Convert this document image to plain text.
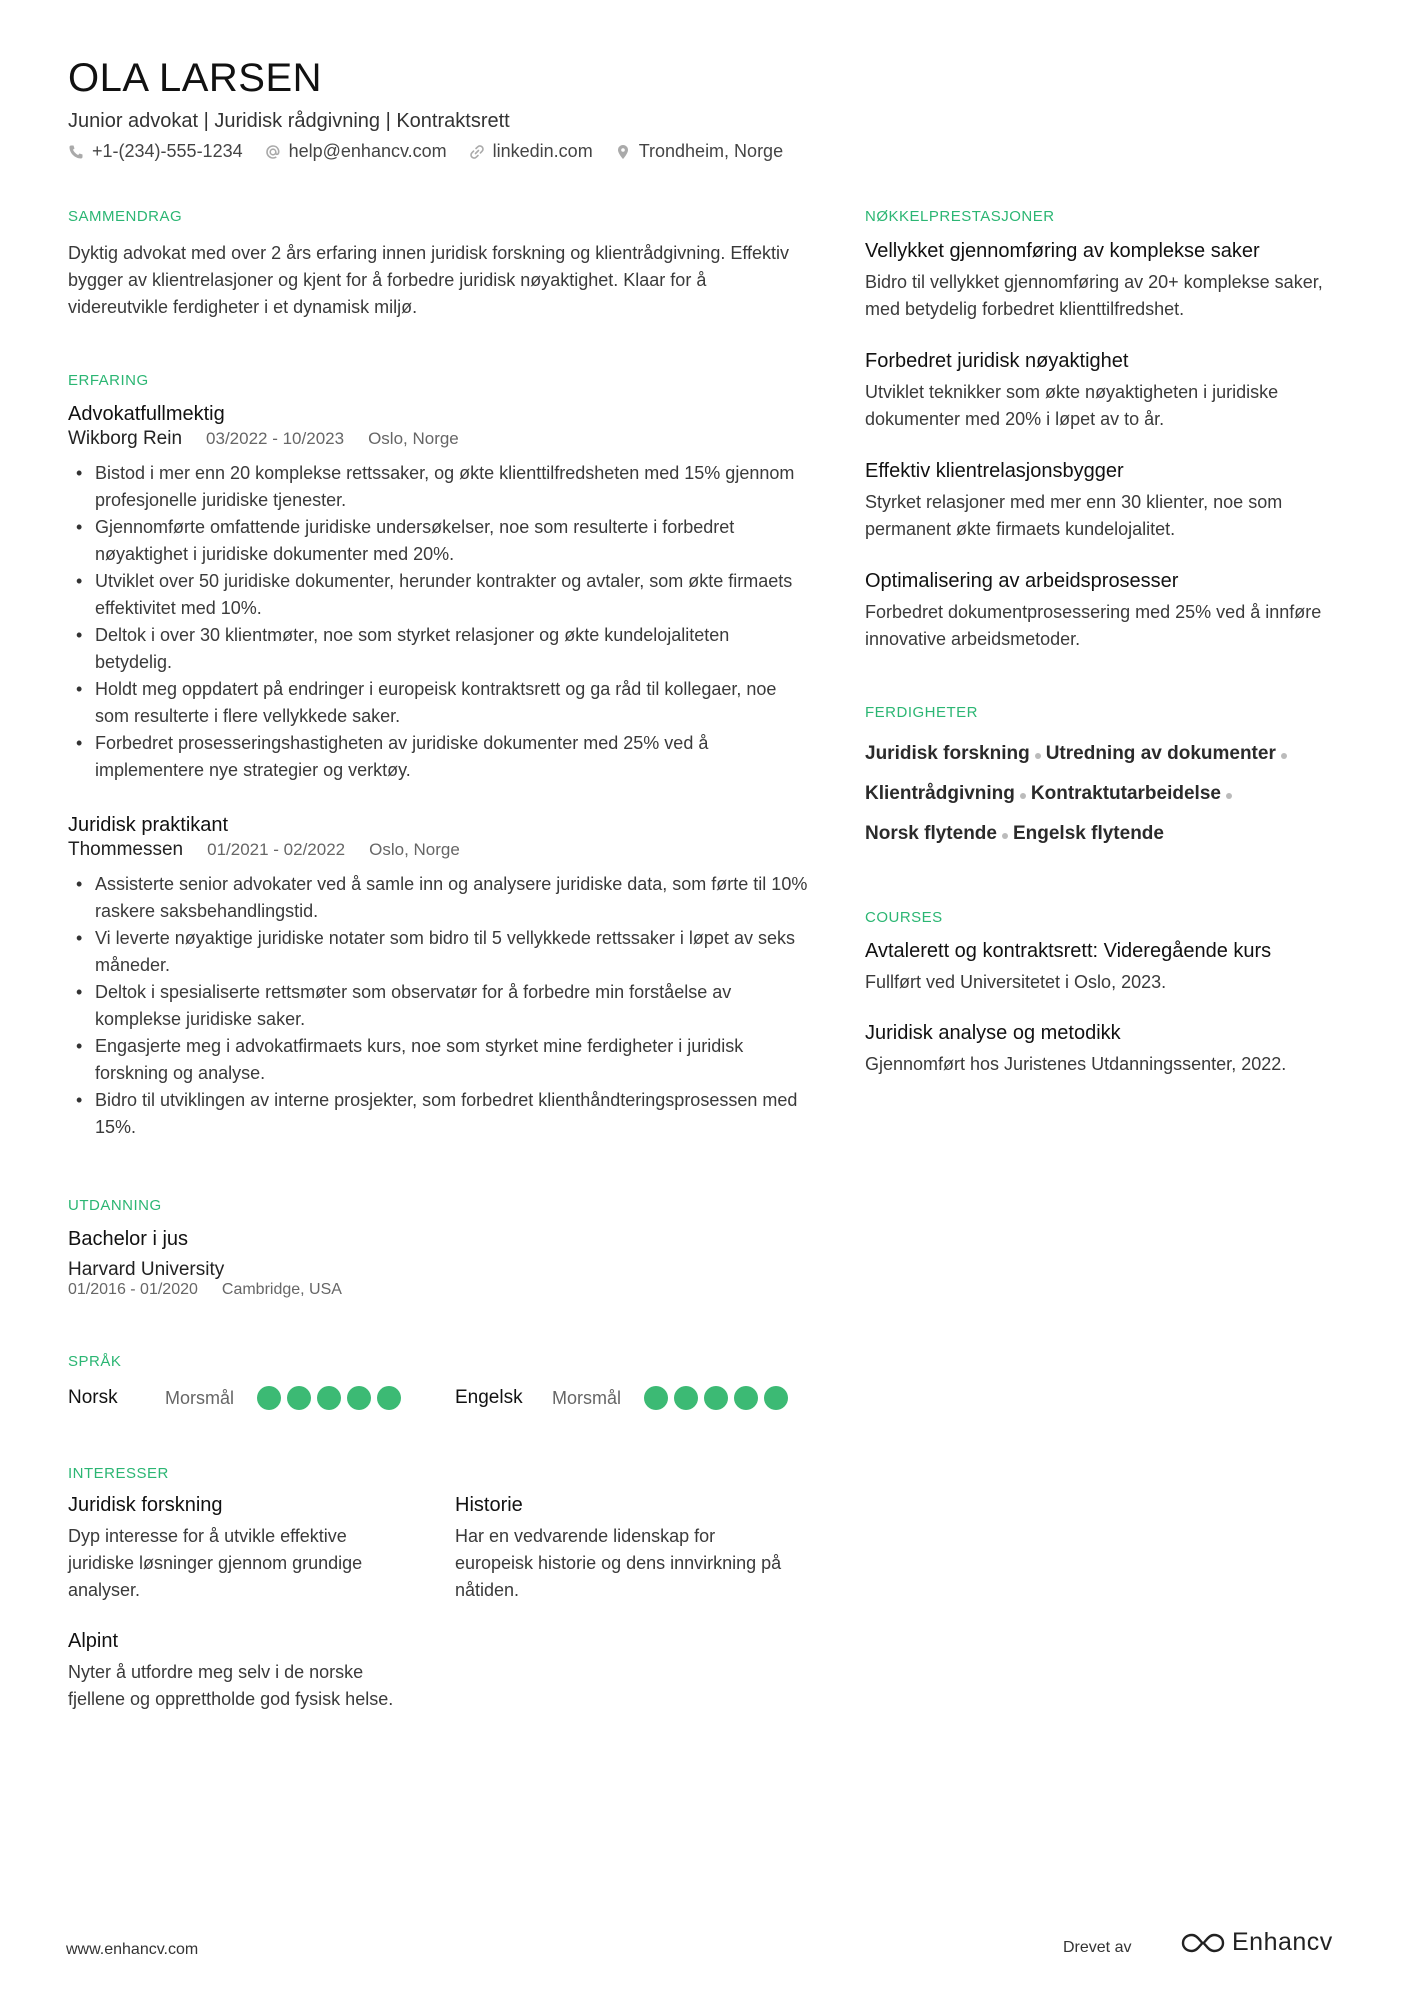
OLA LARSEN
Junior advokat | Juridisk rådgivning | Kontraktsrett
+1-(234)-555-1234	help@enhancv.com	linkedin.com	Trondheim, Norge
SAMMENDRAG
Dyktig advokat med over 2 års erfaring innen juridisk forskning og klientrådgivning. Effektiv bygger av klientrelasjoner og kjent for å forbedre juridisk nøyaktighet. Klaar for å videreutvikle ferdigheter i et dynamisk miljø.
ERFARING
Advokatfullmektig
Wikborg Rein 03/2022 - 10/2023 Oslo, Norge
• Bistod i mer enn 20 komplekse rettssaker, og økte klienttilfredsheten med 15% gjennom profesjonelle juridiske tjenester.
• Gjennomførte omfattende juridiske undersøkelser, noe som resulterte i forbedret nøyaktighet i juridiske dokumenter med 20%.
• Utviklet over 50 juridiske dokumenter, herunder kontrakter og avtaler, som økte firmaets effektivitet med 10%.
• Deltok i over 30 klientmøter, noe som styrket relasjoner og økte kundelojaliteten betydelig.
• Holdt meg oppdatert på endringer i europeisk kontraktsrett og ga råd til kollegaer, noe som resulterte i flere vellykkede saker.
• Forbedret prosesseringshastigheten av juridiske dokumenter med 25% ved å implementere nye strategier og verktøy.
Juridisk praktikant
Thommessen 01/2021 - 02/2022 Oslo, Norge
• Assisterte senior advokater ved å samle inn og analysere juridiske data, som førte til 10% raskere saksbehandlingstid.
• Vi leverte nøyaktige juridiske notater som bidro til 5 vellykkede rettssaker i løpet av seks måneder.
• Deltok i spesialiserte rettsmøter som observatør for å forbedre min forståelse av komplekse juridiske saker.
• Engasjerte meg i advokatfirmaets kurs, noe som styrket mine ferdigheter i juridisk forskning og analyse.
• Bidro til utviklingen av interne prosjekter, som forbedret klienthåndteringsprosessen med 15%.
UTDANNING
Bachelor i jus
Harvard University
01/2016 - 01/2020 Cambridge, USA
SPRÅK
Norsk	Morsmål	Engelsk	Morsmål
INTERESSER
Juridisk forskning
Dyp interesse for å utvikle effektive juridiske løsninger gjennom grundige analyser.
Historie
Har en vedvarende lidenskap for europeisk historie og dens innvirkning på nåtiden.
Alpint
Nyter å utfordre meg selv i de norske fjellene og opprettholde god fysisk helse.
NØKKELPRESTASJONER
Vellykket gjennomføring av komplekse saker
Bidro til vellykket gjennomføring av 20+ komplekse saker, med betydelig forbedret klienttilfredshet.
Forbedret juridisk nøyaktighet
Utviklet teknikker som økte nøyaktigheten i juridiske dokumenter med 20% i løpet av to år.
Effektiv klientrelasjonsbygger
Styrket relasjoner med mer enn 30 klienter, noe som permanent økte firmaets kundelojalitet.
Optimalisering av arbeidsprosesser
Forbedret dokumentprosessering med 25% ved å innføre innovative arbeidsmetoder.
FERDIGHETER
Juridisk forskning Utredning av dokumenter
Klientrådgivning Kontraktutarbeidelse
Norsk flytende Engelsk flytende
COURSES
Avtalerett og kontraktsrett: Videregående kurs
Fullført ved Universitetet i Oslo, 2023.
Juridisk analyse og metodikk
Gjennomført hos Juristenes Utdanningssenter, 2022.
www.enhancv.com	Drevet av	Enhancv
